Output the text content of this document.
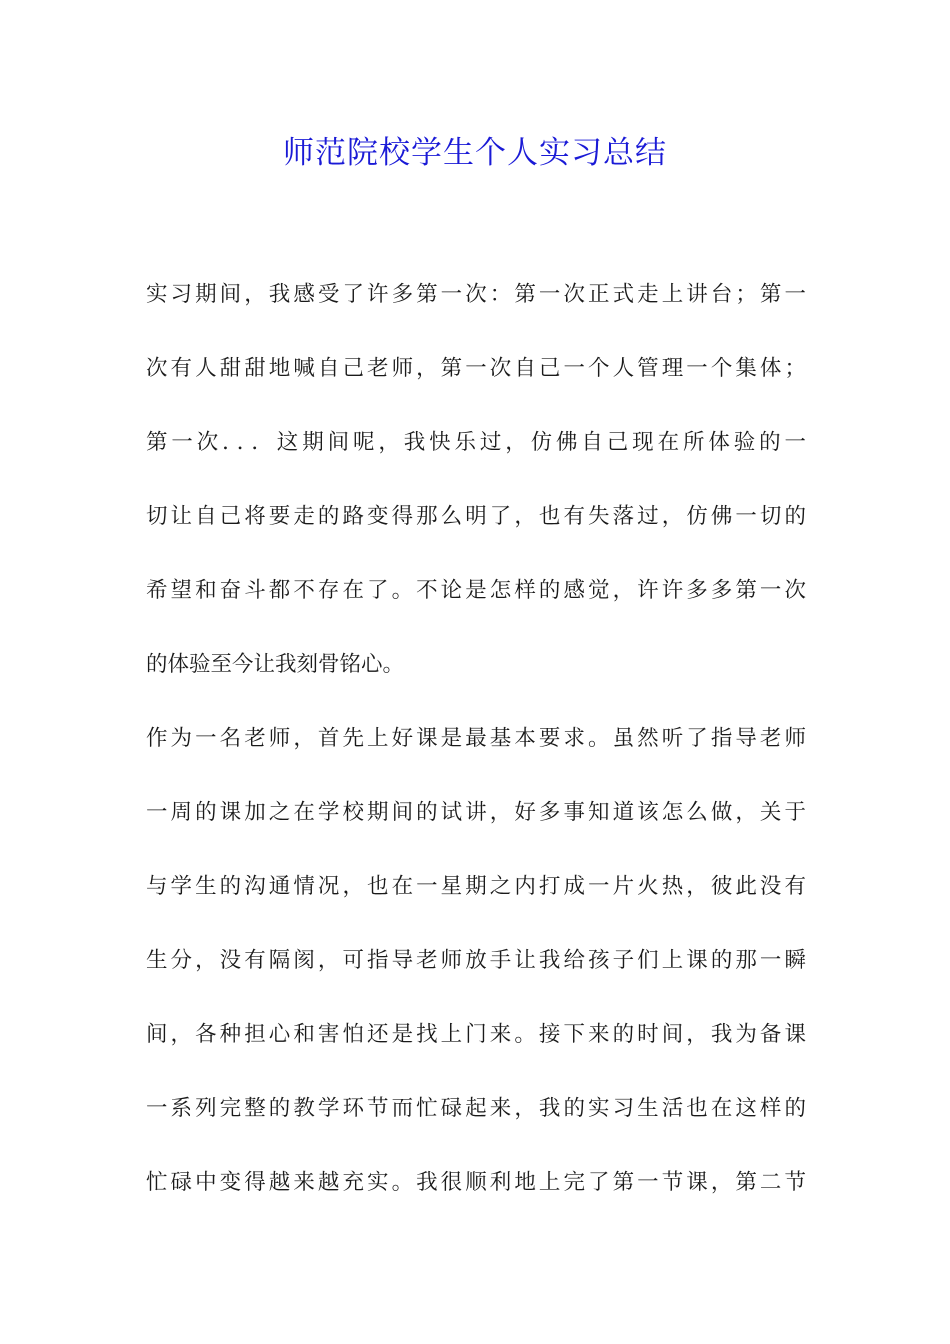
师范院校学生个人实习总结
实习期间，我感受了许多第一次：第一次正式走上讲台；第一
次有人甜甜地喊自己老师，第一次自己一个人管理一个集体；
第一次．．．这期间呢，我快乐过，仿佛自己现在所体验的一
切让自己将要走的路变得那么明了，也有失落过，仿佛一切的
希望和奋斗都不存在了。不论是怎样的感觉，许许多多第一次
的体验至今让我刻骨铭心。
作为一名老师，首先上好课是最基本要求。虽然听了指导老师
一周的课加之在学校期间的试讲，好多事知道该怎么做，关于
与学生的沟通情况，也在一星期之内打成一片火热，彼此没有
生分，没有隔阂，可指导老师放手让我给孩子们上课的那一瞬
间，各种担心和害怕还是找上门来。接下来的时间，我为备课
一系列完整的教学环节而忙碌起来，我的实习生活也在这样的
忙碌中变得越来越充实。我很顺利地上完了第一节课，第二节
